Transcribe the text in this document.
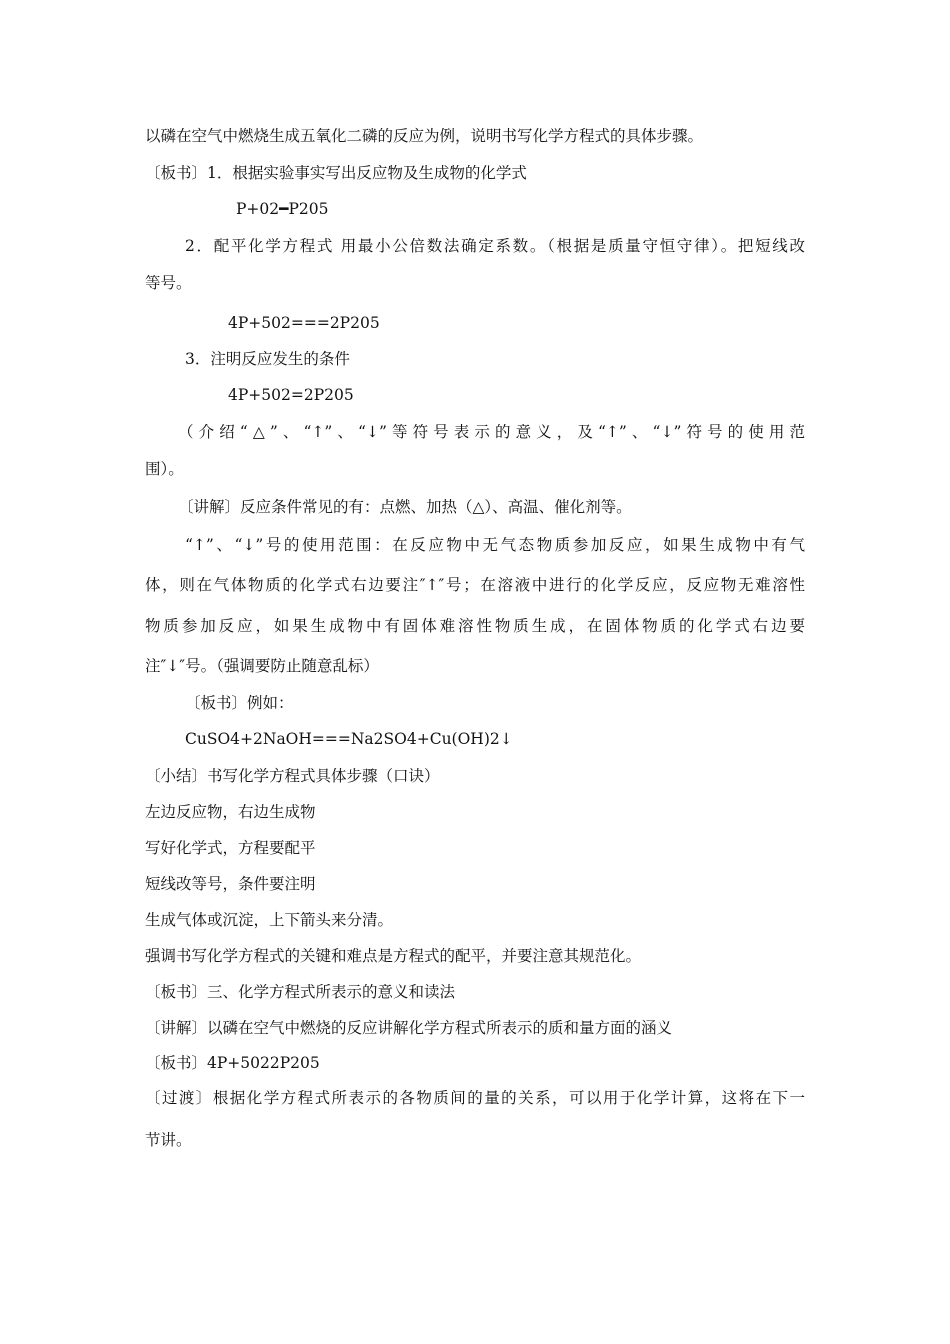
以磷在空气中燃烧生成五氧化二磷的反应为例，说明书写化学方程式的具体步骤。
〔板书〕1．根据实验事实写出反应物及生成物的化学式
P+02━P205
2．配平化学方程式 用最小公倍数法确定系数。（根据是质量守恒守律）。把短线改
等号。
4P+502===2P205
3．注明反应发生的条件
4P+502=2P205
（介绍“△”、“↑”、“↓”等符号表示的意义，及“↑”、“↓”符号的使用范
围）。
〔讲解〕反应条件常见的有：点燃、加热（△）、高温、催化剂等。
“↑”、“↓”号的使用范围：在反应物中无气态物质参加反应，如果生成物中有气
体，则在气体物质的化学式右边要注″↑″号；在溶液中进行的化学反应，反应物无难溶性
物质参加反应，如果生成物中有固体难溶性物质生成，在固体物质的化学式右边要
注″↓″号。（强调要防止随意乱标）
〔板书〕例如：
CuSO4+2NaOH===Na2SO4+Cu(OH)2↓
〔小结〕书写化学方程式具体步骤（口诀）
左边反应物，右边生成物
写好化学式，方程要配平
短线改等号，条件要注明
生成气体或沉淀，上下箭头来分清。
强调书写化学方程式的关键和难点是方程式的配平，并要注意其规范化。
〔板书〕三、化学方程式所表示的意义和读法
〔讲解〕以磷在空气中燃烧的反应讲解化学方程式所表示的质和量方面的涵义
〔板书〕4P+5022P205
〔过渡〕根据化学方程式所表示的各物质间的量的关系，可以用于化学计算，这将在下一
节讲。
